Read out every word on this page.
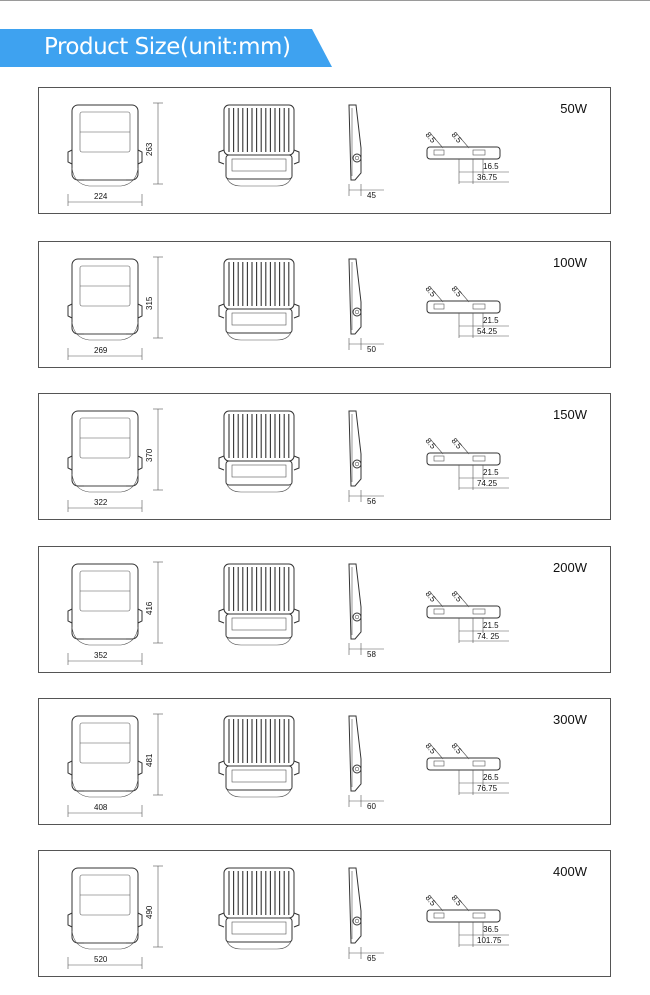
Product Size(unit:mm)
50W
224
263
45
16.5
36.75
8.5 8.5
100W
269
315
50
21.5
54.25
8.5 8.5
150W
322
370
56
21.5
74.25
8.5 8.5
200W
352
416
58
21.5
74. 25
8.5 8.5
300W
408
481
60
26.5
76.75
8.5 8.5
400W
520
490
65
36.5
101.75
8.5 8.5
